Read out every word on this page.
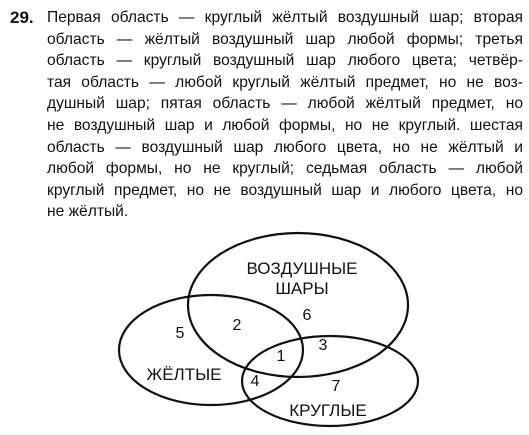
29. Первая область — круглый жёлтый воздушный шар; вторая
область — жёлтый воздушный шар любой формы; третья
область — круглый воздушный шар любого цвета; четвёр-
тая область — любой круглый жёлтый предмет, но не воз-
душный шар; пятая область — любой жёлтый предмет, но
не воздушный шар и любой формы, но не круглый. шестая
область — воздушный шар любого цвета, но не жёлтый и
любой формы, но не круглый; седьмая область — любой
круглый предмет, но не воздушный шар и любого цвета, но
не жёлтый.
ВОЗДУШНЫЕ
ШАРЫ
ЖЁЛТЫЕ
КРУГЛЫЕ
1
2
3
4
5
6
7
